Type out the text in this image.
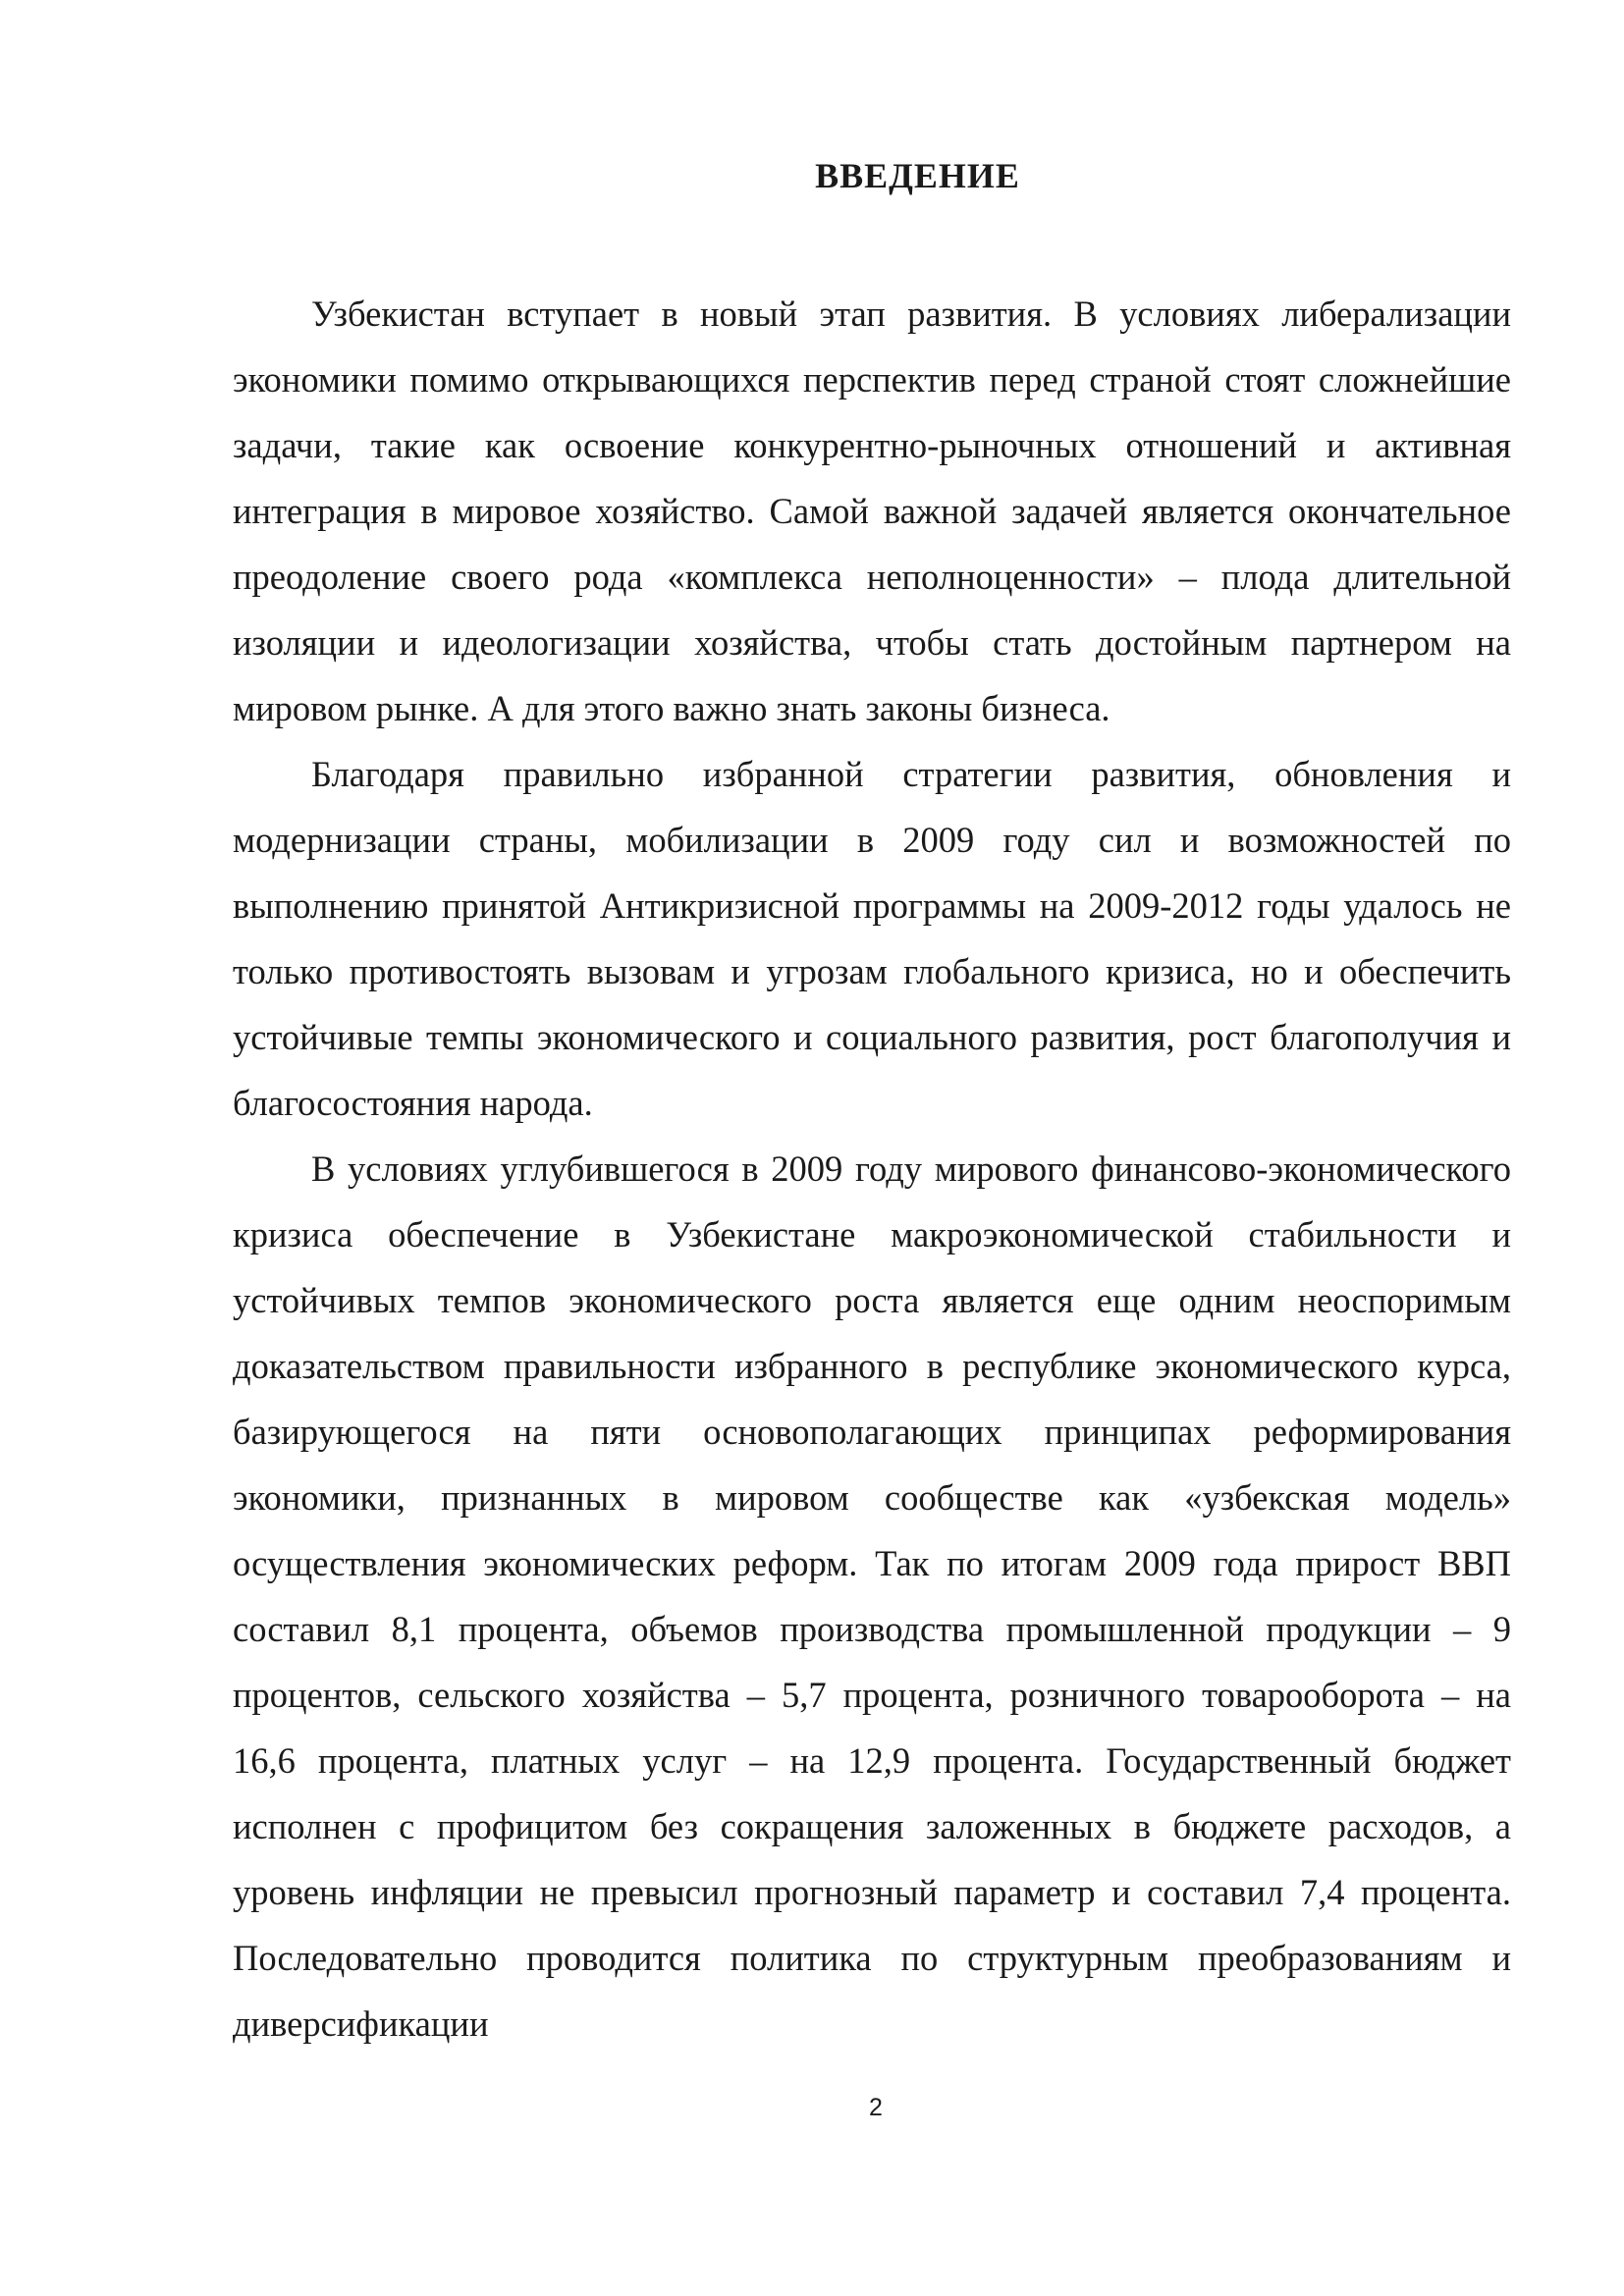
ВВЕДЕНИЕ

Узбекистан вступает в новый этап развития. В условиях либерализации экономики помимо открывающихся перспектив перед страной стоят сложнейшие задачи, такие как освоение конкурентно-рыночных отношений и активная интеграция в мировое хозяйство. Самой важной задачей является окончательное преодоление своего рода «комплекса неполноценности» – плода длительной изоляции и идеологизации хозяйства, чтобы стать достойным партнером на мировом рынке. А для этого важно знать законы бизнеса.

Благодаря правильно избранной стратегии развития, обновления и модернизации страны, мобилизации в 2009 году сил и возможностей по выполнению принятой Антикризисной программы на 2009-2012 годы удалось не только противостоять вызовам и угрозам глобального кризиса, но и обеспечить устойчивые темпы экономического и социального развития, рост благополучия и благосостояния народа.

В условиях углубившегося в 2009 году мирового финансово-экономического кризиса обеспечение в Узбекистане макроэкономической стабильности и устойчивых темпов экономического роста является еще одним неоспоримым доказательством правильности избранного в республике экономического курса, базирующегося на пяти основополагающих принципах реформирования экономики, признанных в мировом сообществе как «узбекская модель» осуществления экономических реформ. Так по итогам 2009 года прирост ВВП составил 8,1 процента, объемов производства промышленной продукции – 9 процентов, сельского хозяйства – 5,7 процента, розничного товарооборота – на 16,6 процента, платных услуг – на 12,9 процента. Государственный бюджет исполнен с профицитом без сокращения заложенных в бюджете расходов, а уровень инфляции не превысил прогнозный параметр и составил 7,4 процента. Последовательно проводится политика по структурным преобразованиям и диверсификации

2
